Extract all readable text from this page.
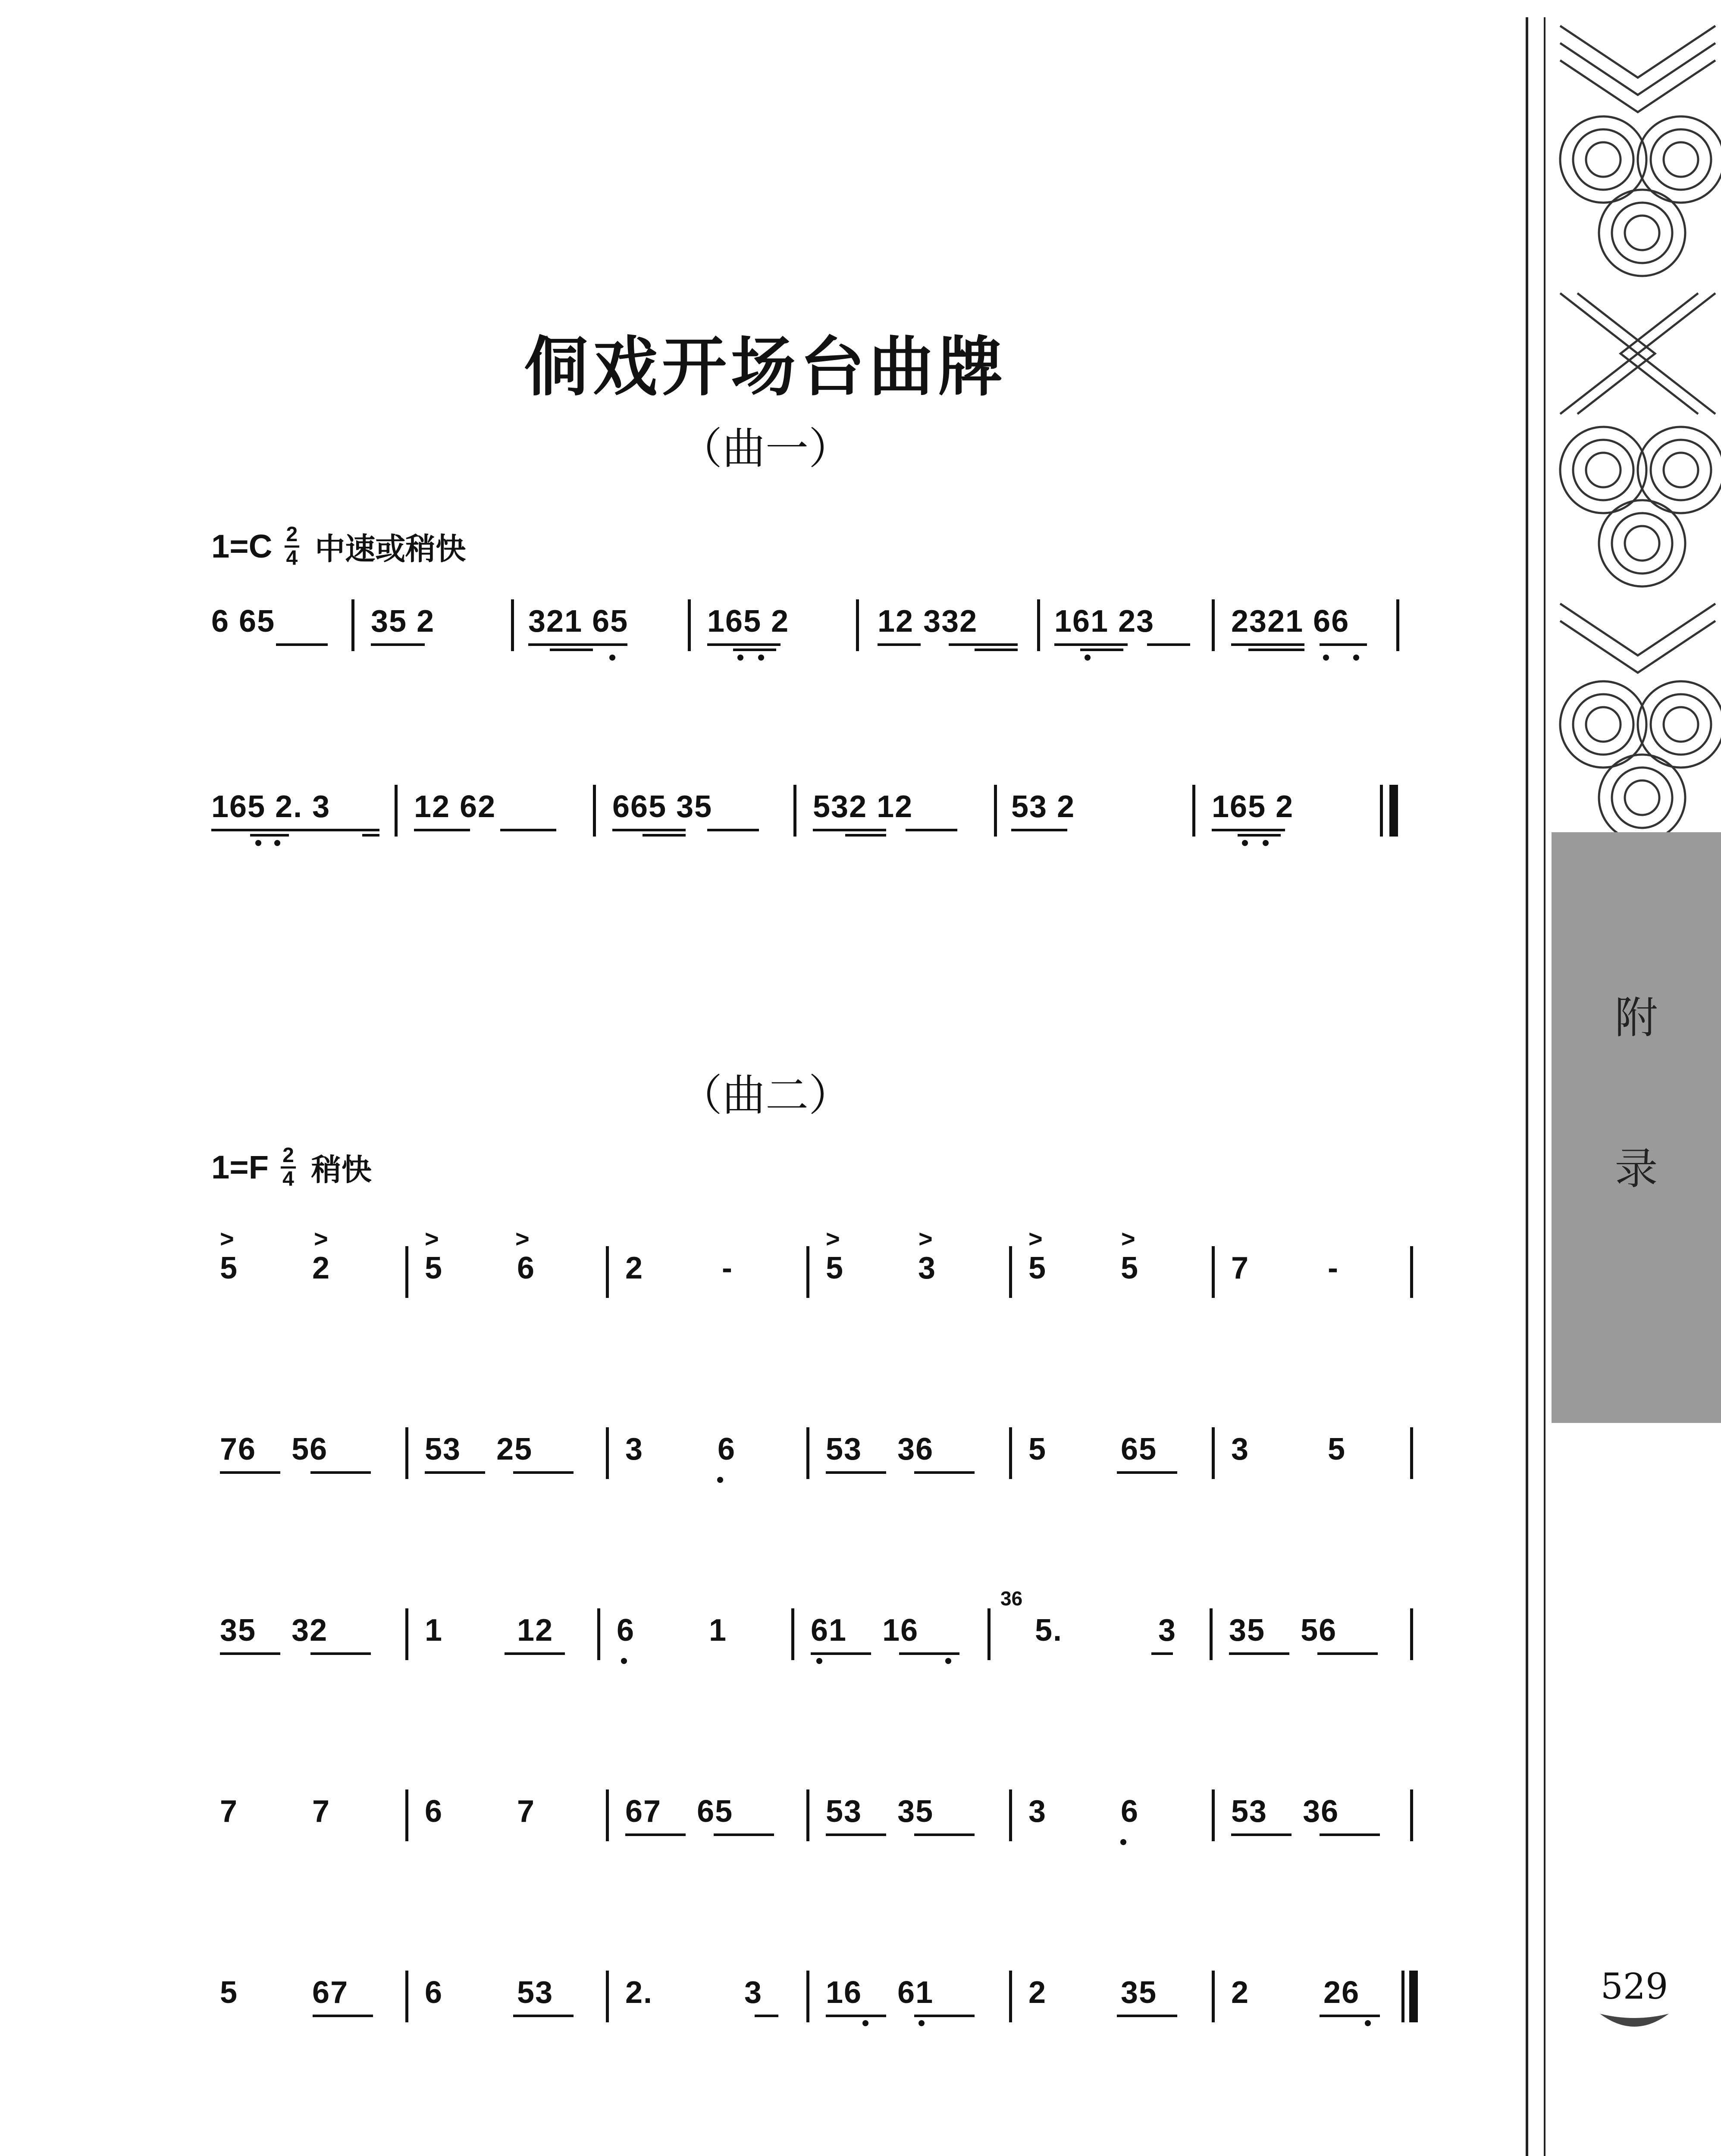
侗戏开场台曲牌
（曲一）
$1=C \frac{2}{4}$ 中速或稍快
6 65	35 2	321 65	165 2	12 332 161 23 2321 66
165 2. 3	12 62	665 35	532 12	53 2	165 2
（曲二）
$1=F \frac{2}{4}$ 稍快
>	>	>	>	>	>	>	>
5 2	5 6	2 -	5 3	5 5	7 -
76 56	53 25	3 6	53 36	5 65 3 5
35 32	1 12 6 1	61 16
36
5. 3 35 56
7 7	6 7	67 65	53 35	3 6	53 36
5 67 6 53 2. 3 16 61	2 35 2 26
附
录
529
